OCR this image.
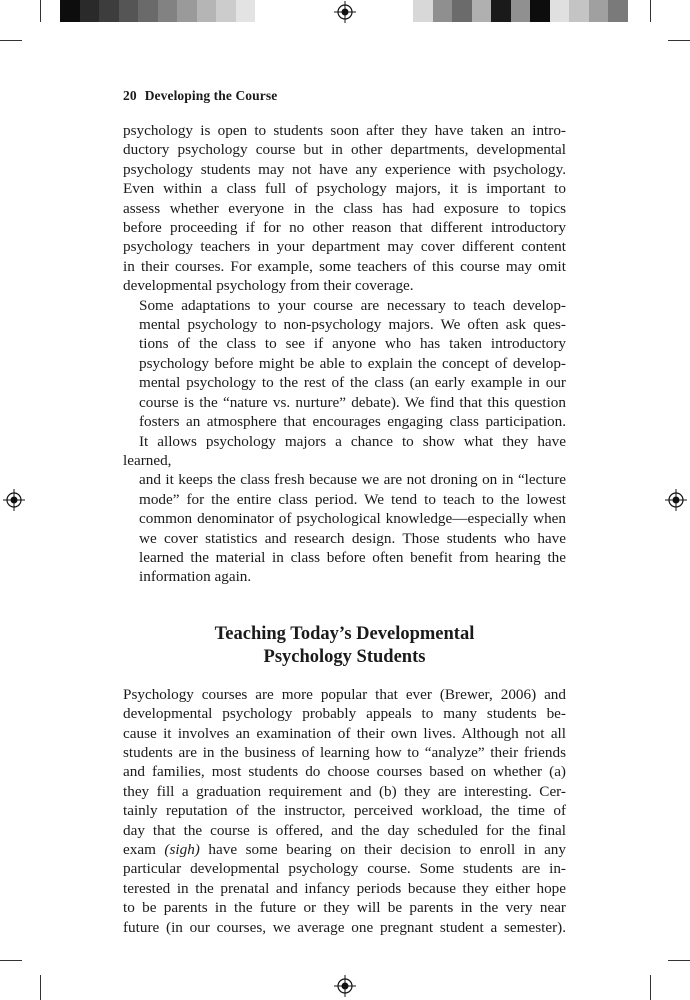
20 Developing the Course

psychology is open to students soon after they have taken an intro-
ductory psychology course but in other departments, developmental
psychology students may not have any experience with psychology.
Even within a class full of psychology majors, it is important to
assess whether everyone in the class has had exposure to topics
before proceeding if for no other reason that different introductory
psychology teachers in your department may cover different content
in their courses. For example, some teachers of this course may omit
developmental psychology from their coverage.

Some adaptations to your course are necessary to teach develop-
mental psychology to non-psychology majors. We often ask ques-
tions of the class to see if anyone who has taken introductory
psychology before might be able to explain the concept of develop-
mental psychology to the rest of the class (an early example in our
course is the “nature vs. nurture” debate). We find that this question
fosters an atmosphere that encourages engaging class participation.
It allows psychology majors a chance to show what they have learned,
and it keeps the class fresh because we are not droning on in “lecture
mode” for the entire class period. We tend to teach to the lowest
common denominator of psychological knowledge—especially when
we cover statistics and research design. Those students who have
learned the material in class before often benefit from hearing the
information again.

Teaching Today’s Developmental
Psychology Students

Psychology courses are more popular that ever (Brewer, 2006) and
developmental psychology probably appeals to many students be-
cause it involves an examination of their own lives. Although not all
students are in the business of learning how to “analyze” their friends
and families, most students do choose courses based on whether (a)
they fill a graduation requirement and (b) they are interesting. Cer-
tainly reputation of the instructor, perceived workload, the time of
day that the course is offered, and the day scheduled for the final
exam (sigh) have some bearing on their decision to enroll in any
particular developmental psychology course. Some students are in-
terested in the prenatal and infancy periods because they either hope
to be parents in the future or they will be parents in the very near
future (in our courses, we average one pregnant student a semester).
